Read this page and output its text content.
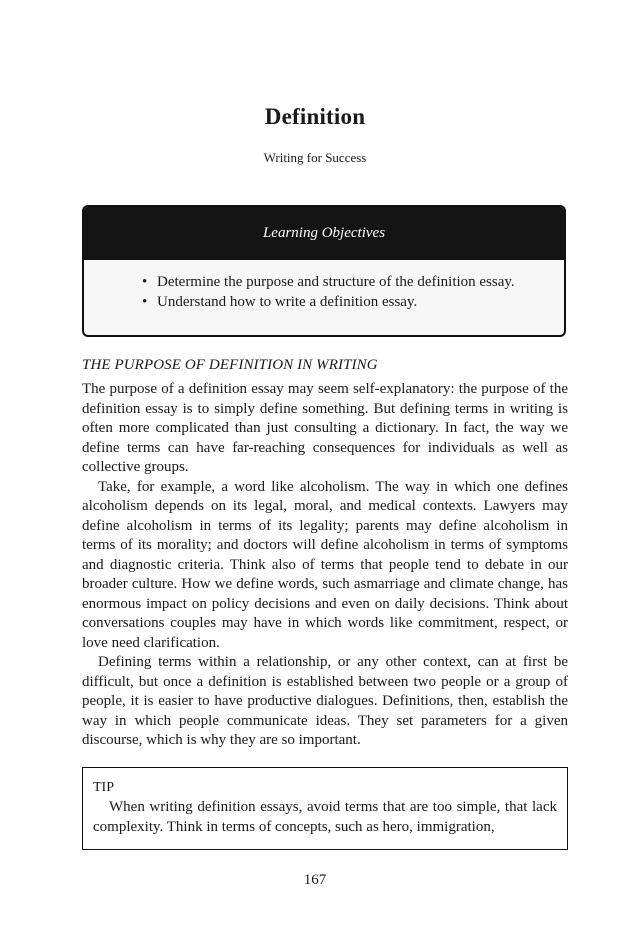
Definition
Writing for Success
Learning Objectives
• Determine the purpose and structure of the definition essay.
• Understand how to write a definition essay.
THE PURPOSE OF DEFINITION IN WRITING

The purpose of a definition essay may seem self-explanatory: the purpose of the definition essay is to simply define something. But defining terms in writing is often more complicated than just consulting a dictionary. In fact, the way we define terms can have far-reaching consequences for individuals as well as collective groups.

Take, for example, a word like alcoholism. The way in which one defines alcoholism depends on its legal, moral, and medical contexts. Lawyers may define alcoholism in terms of its legality; parents may define alcoholism in terms of its morality; and doctors will define alcoholism in terms of symptoms and diagnostic criteria. Think also of terms that people tend to debate in our broader culture. How we define words, such asmarriage and climate change, has enormous impact on policy decisions and even on daily decisions. Think about conversations couples may have in which words like commitment, respect, or love need clarification.

Defining terms within a relationship, or any other context, can at first be difficult, but once a definition is established between two people or a group of people, it is easier to have productive dialogues. Definitions, then, establish the way in which people communicate ideas. They set parameters for a given discourse, which is why they are so important.

TIP

When writing definition essays, avoid terms that are too simple, that lack complexity. Think in terms of concepts, such as hero, immigration,

167
